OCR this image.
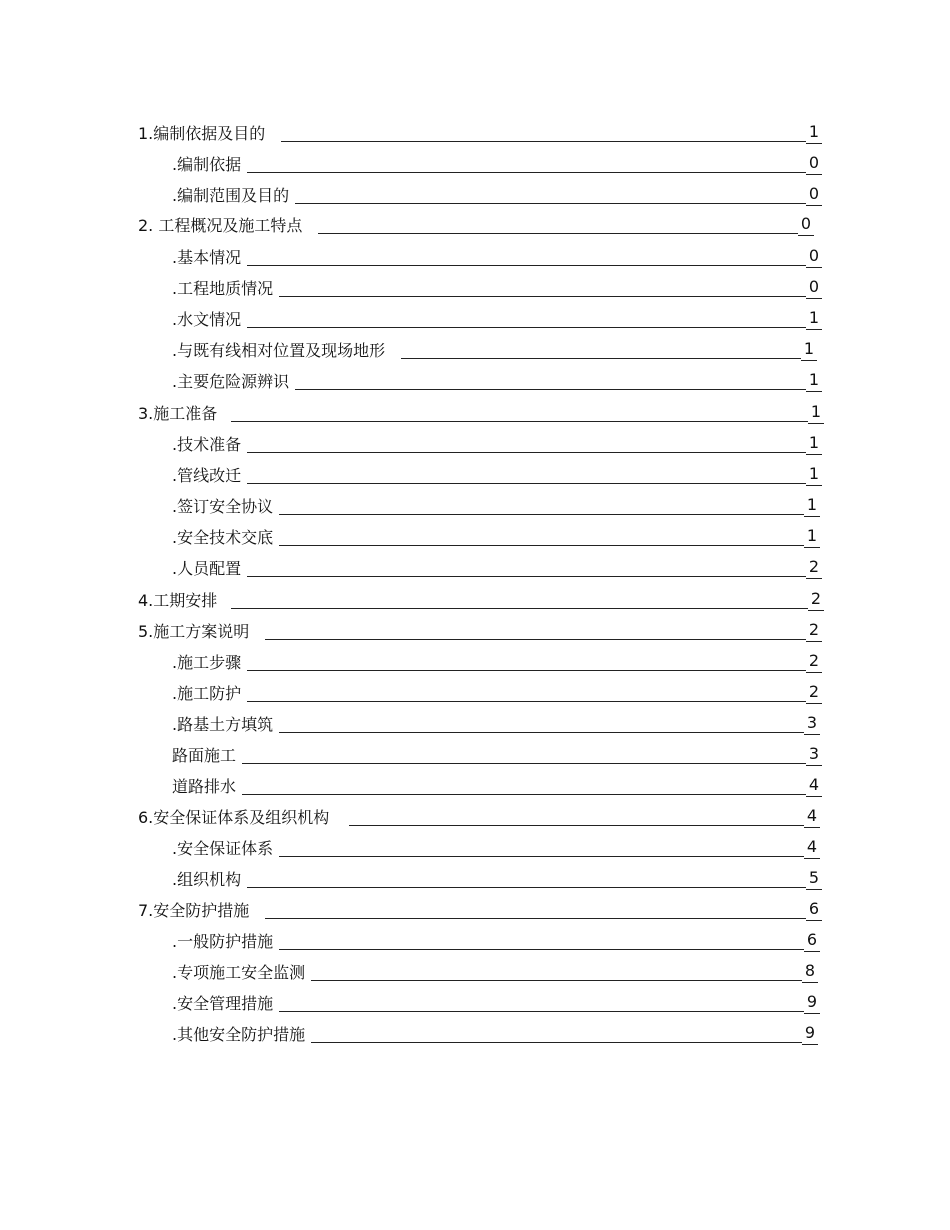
1.编制依据及目的	1
.编制依据	0
.编制范围及目的	0
2. 工程概况及施工特点	0
.基本情况	0
.工程地质情况	0
.水文情况	1
.与既有线相对位置及现场地形	1
.主要危险源辨识	1
3.施工准备	1
.技术准备	1
.管线改迁	1
.签订安全协议	1
.安全技术交底	1
.人员配置	2
4.工期安排	2
5.施工方案说明	2
.施工步骤	2
.施工防护	2
.路基土方填筑	3
路面施工	3
道路排水	4
6.安全保证体系及组织机构	4
.安全保证体系	4
.组织机构	5
7.安全防护措施	6
.一般防护措施	6
.专项施工安全监测	8
.安全管理措施	9
.其他安全防护措施	9
